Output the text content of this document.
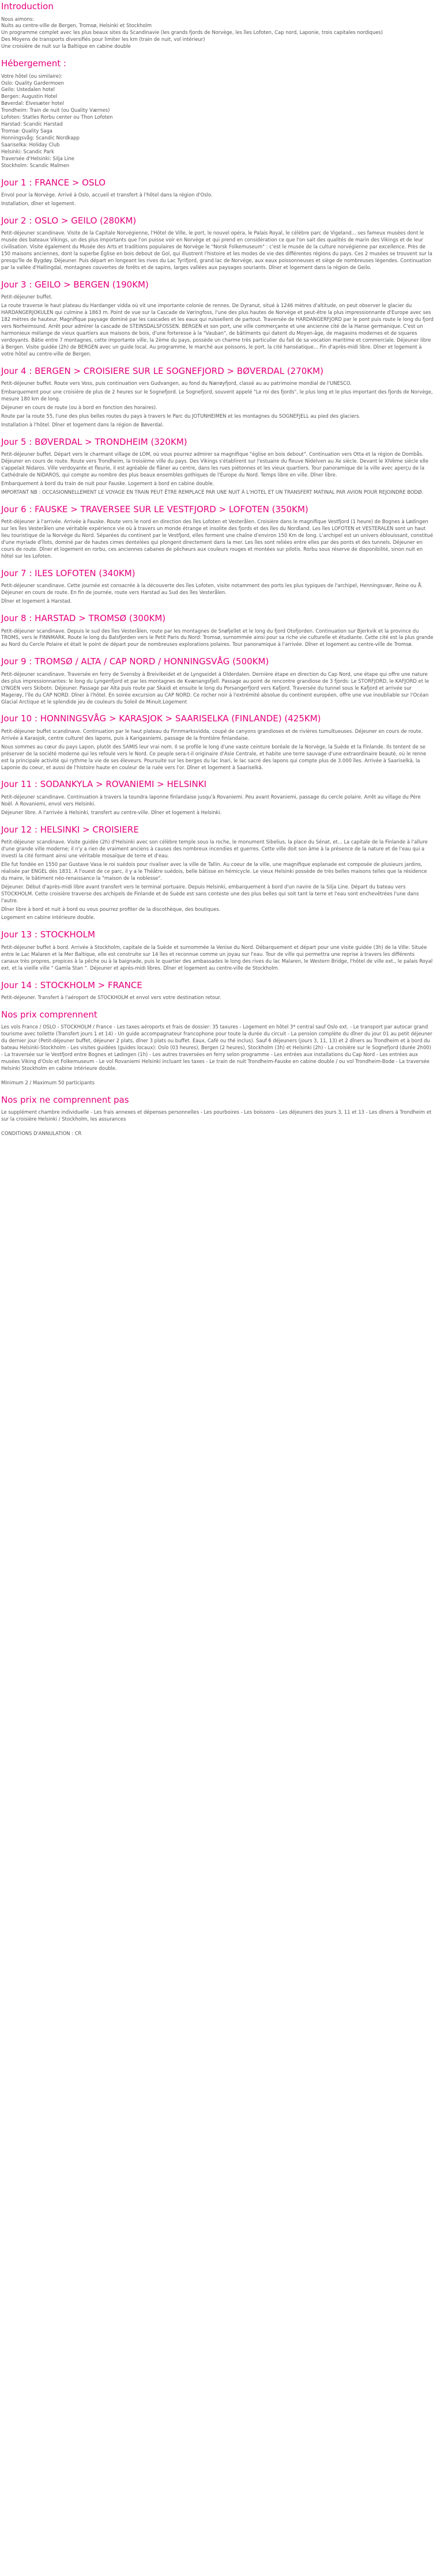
Introduction

Nous aimons:

Nuits au centre-ville de Bergen, Tromsø, Helsinki et Stockholm

Un programme complet avec les plus beaux sites du Scandinavie (les grands fjords de Norvège, les îles Lofoten, Cap nord, Laponie, trois capitales nordiques)

Des Moyens de transports diversifiés pour limiter les km (train de nuit, vol intérieur)

Une croisière de nuit sur la Baltique en cabine double

Hébergement :

Votre hôtel (ou similaire):

Oslo: Quality Gardermoen

Geilo: Ustedalen hotel

Bergen: Augustin Hotel

Bøverdal: Elvesæter hotel

Trondheim: Train de nuit (ou Quality Værnes)

Lofoten: Statles Rorbu center ou Thon Lofoten

Harstad: Scandic Harstad

Tromsø: Quality Saga

Honningsvåg: Scandic Nordkapp

Saariselka: Holiday Club

Helsinki: Scandic Park

Traversée d'Helsinki: Silja Line

Stockholm: Scandic Malmen

Jour 1 : FRANCE > OSLO

Envol pour la Norvège. Arrivé à Oslo, accueil et transfert à l'hôtel dans la région d'Oslo.

Installation, dîner et logement.

Jour 2 : OSLO > GEILO (280KM)

Petit-déjeuner scandinave. Visite de la Capitale Norvégienne, l'Hôtel de Ville, le port, le nouvel opéra, le Palais Royal, le célèbre parc de Vigeland... ses fameux musées dont le musée des bateaux Vikings, un des plus importants que l'on puisse voir en Norvège et qui prend en considération ce que l'on sait des qualités de marin des Vikings et de leur civilisation. Visite également du Musée des Arts et traditions populaires de Norvège le "Norsk Folkemuseum" : c'est le musée de la culture norvégienne par excellence. Près de 150 maisons anciennes, dont la superbe Église en bois debout de Gol, qui illustrent l'histoire et les modes de vie des différentes régions du pays. Ces 2 musées se trouvent sur la presqu'île de Bygdøy. Déjeuner. Puis départ en longeant les rives du Lac Tyrifjord, grand lac de Norvège, aux eaux poissonneuses et siège de nombreuses légendes. Continuation par la vallée d'Hallingdal, montagnes couvertes de forêts et de sapins, larges vallées aux paysages souriants. Dîner et logement dans la région de Geilo.

Jour 3 : GEILO > BERGEN (190KM)

Petit-déjeuner buffet.

La route traverse le haut plateau du Hardanger vidda où vit une importante colonie de rennes. De Dyranut, situé à 1246 mètres d'altitude, on peut observer le glacier du HARDANGERJOKULEN qui culmine à 1863 m. Point de vue sur la Cascade de Vøringfoss, l'une des plus hautes de Norvège et peut-être la plus impressionnante d'Europe avec ses 182 mètres de hauteur. Magnifique paysage dominé par les cascades et les eaux qui ruissellent de partout. Traversée de HARDANGERFJORD par le pont puis route le long du fjord vers Norheimsund. Arrêt pour admirer la cascade de STEINSDALSFOSSEN. BERGEN et son port, une ville commerçante et une ancienne cité de la Hanse germanique. C'est un harmonieux mélange de vieux quartiers aux maisons de bois, d'une forteresse à la "Vauban", de bâtiments qui datent du Moyen-âge, de magasins modernes et de squares verdoyants. Bâtie entre 7 montagnes, cette importante ville, la 2ème du pays, possède un charme très particulier du fait de sa vocation maritime et commerciale. Déjeuner libre à Bergen. Visite guidée (2h) de BERGEN avec un guide local. Au programme, le marché aux poissons, le port, la cité hanséatique... Fin d'après-midi libre. Dîner et logement à votre hôtel au centre-ville de Bergen.

Jour 4 : BERGEN > CROISIERE SUR LE SOGNEFJORD > BØVERDAL (270KM)

Petit-déjeuner buffet. Route vers Voss, puis continuation vers Gudvangen, au fond du Nærøyfjord, classé au au patrimoine mondial de l'UNESCO.

Embarquement pour une croisière de plus de 2 heures sur le Sognefjord. Le Sognefjord, souvent appelé "Le roi des fjords", le plus long et le plus important des fjords de Norvège, mesure 180 km de long.

Déjeuner en cours de route (ou à bord en fonction des horaires).

Route par la route 55, l'une des plus belles routes du pays à travers le Parc du JOTUNHEIMEN et les montagnes du SOGNEFJELL au pied des glaciers.

Installation à l'hôtel. Dîner et logement dans la région de Bøverdal.

Jour 5 : BØVERDAL > TRONDHEIM (320KM)

Petit-déjeuner buffet. Départ vers le charmant village de LOM, où vous pourrez admirer sa magnifique "église en bois debout". Continuation vers Otta et la région de Dombås. Déjeuner en cours de route. Route vers Trondheim, la troisième ville du pays. Des Vikings s'établirent sur l'estuaire du fleuve Nidelven au Xe siècle. Devant le XIVème siècle elle s'appelait Nidaros. Ville verdoyante et fleurie, il est agréable de flâner au centre, dans les rues piétonnes et les vieux quartiers. Tour panoramique de la ville avec aperçu de la Cathédrale de NIDAROS, qui compte au nombre des plus beaux ensembles gothiques de l'Europe du Nord. Temps libre en ville. Dîner libre.

Embarquement à bord du train de nuit pour Fauske. Logement à bord en cabine double.

IMPORTANT NB : OCCASIONNELLEMENT LE VOYAGE EN TRAIN PEUT ÊTRE REMPLACÉ PAR UNE NUIT À L'HOTEL ET UN TRANSFERT MATINAL PAR AVION POUR REJOINDRE BODØ.

Jour 6 : FAUSKE > TRAVERSEE SUR LE VESTFJORD > LOFOTEN (350KM)

Petit-déjeuner à l'arrivée. Arrivée à Fauske. Route vers le nord en direction des îles Lofoten et Vesterålen. Croisière dans le magnifique Vestfjord (1 heure) de Bognes à Lødingen sur les îles Vesterålen une véritable expérience vie où à travers un monde étrange et insolite des fjords et des îles du Nordland. Les îles LOFOTEN et VESTERALEN sont un haut lieu touristique de la Norvège du Nord. Séparées du continent par le Vestfjord, elles forment une chaîne d'environ 150 Km de long. L'archipel est un univers éblouissant, constitué d'une myriade d'îlots, dominé par de hautes cimes dentelées qui plongent directement dans la mer. Les îles sont reliées entre elles par des ponts et des tunnels. Déjeuner en cours de route. Dîner et logement en rorbu, ces anciennes cabanes de pêcheurs aux couleurs rouges et montées sur pilotis. Rorbu sous réserve de disponibilité, sinon nuit en hôtel sur les Lofoten.

Jour 7 : ILES LOFOTEN (340KM)

Petit-déjeuner scandinave. Cette journée est consacrée à la découverte des îles Lofoten, visite notamment des ports les plus typiques de l'archipel, Henningsvær, Reine ou Å. Déjeuner en cours de route. En fin de journée, route vers Harstad au Sud des îles Vesterålen.

Dîner et logement à Harstad.

Jour 8 : HARSTAD > TROMSØ (300KM)

Petit-déjeuner scandinave. Depuis le sud des îles Vesterålen, route par les montagnes de Snøfjellet et le long du fjord Otofjorden. Continuation sur Bjerkvik et la province du TROMS, vers le FINNMARK. Route le long du Balsfjorden vers le Petit Paris du Nord: Tromsø, surnommée ainsi pour sa riche vie culturelle et étudiante. Cette cité est la plus grande au Nord du Cercle Polaire et était le point de départ pour de nombreuses explorations polaires. Tour panoramique à l'arrivée. Dîner et logement au centre-ville de Tromsø.

Jour 9 : TROMSØ / ALTA / CAP NORD / HONNINGSVÅG (500KM)

Petit-déjeuner scandinave. Traversée en ferry de Svensby à Breivikeidet et de Lyngseidet à Olderdalen. Dernière étape en direction du Cap Nord, une étape qui offre une nature des plus impressionnantes: le long du Lyngenfjord et par les montagnes de Kvænangsfjell. Passage au point de rencontre grandiose de 3 fjords: Le STORFJORD, le KAFJORD et le LYNGEN vers Skibotn. Déjeuner. Passage par Alta puis route par Skaidi et ensuite le long du Porsangerfjord vers Kafjord. Traversée du tunnel sous le Kafjord et arrivée sur Magerøy, l'île du CAP NORD. Dîner à l'hôtel. En soirée excursion au CAP NORD. Ce rocher noir à l'extrémité absolue du continent européen, offre une vue inoubliable sur l'Océan Glacial Arctique et le splendide jeu de couleurs du Soleil de Minuit.Logement

Jour 10 : HONNINGSVÅG > KARASJOK > SAARISELKA (FINLANDE) (425KM)

Petit-déjeuner buffet scandinave. Continuation par le haut plateau du Finnmarksvidda, coupé de canyons grandioses et de rivières tumultueuses. Déjeuner en cours de route. Arrivée à Karasjok, centre culturel des lapons, puis à Karigasniemi, passage de la frontière finlandaise.

Nous sommes au cœur du pays Lapon, plutôt des SAMIS leur vrai nom. Il se profile le long d'une vaste ceinture boréale de la Norvège, la Suède et la Finlande. Ils tentent de se préserver de la société moderne qui les refoule vers le Nord. Ce peuple sera-t-il originaire d'Asie Centrale, et habite une terre sauvage d'une extraordinaire beauté, où le renne est la principale activité qui rythme la vie de ses éleveurs. Poursuite sur les berges du lac Inari, le lac sacré des lapons qui compte plus de 3.000 îles. Arrivée à Saariselkä, la Laponie du coeur, et aussi de l'histoire haute en couleur de la ruée vers l'or. Dîner et logement à Saariselkä.

Jour 11 : SODANKYLA > ROVANIEMI > HELSINKI

Petit-déjeuner scandinave. Continuation à travers la toundra laponne finlandaise jusqu'à Rovaniemi. Peu avant Rovaniemi, passage du cercle polaire. Arrêt au village du Père Noël. A Rovaniemi, envol vers Helsinki.

Déjeuner libre. A l'arrivée à Helsinki, transfert au centre-ville. Dîner et logement à Helsinki.

Jour 12 : HELSINKI > CROISIERE

Petit-déjeuner scandinave. Visite guidée (2h) d'Helsinki avec son célèbre temple sous la roche, le monument Sibelius, la place du Sénat, et... La capitale de la Finlande à l'allure d'une grande ville moderne; il n'y a rien de vraiment anciens à causes des nombreux incendies et guerres. Cette ville doit son âme à la présence de la nature et de l'eau qui a investi la cité formant ainsi une véritable mosaïque de terre et d'eau.

Elle fut fondée en 1550 par Gustave Vasa le roi suédois pour rivaliser avec la ville de Tallin. Au coeur de la ville, une magnifique esplanade est composée de plusieurs jardins, réalisée par ENGEL dès 1831. A l'ouest de ce parc, il y a le Théâtre suédois, belle bâtisse en hémicycle. Le vieux Helsinki possède de très belles maisons telles que la résidence du maire, le bâtiment néo-renaissance la "maison de la noblesse".

Déjeuner. Début d'après-midi libre avant transfert vers le terminal portuaire. Depuis Helsinki, embarquement à bord d'un navire de la Silja Line. Départ du bateau vers STOCKHOLM. Cette croisière traverse des archipels de Finlande et de Suède est sans conteste une des plus belles qui soit tant la terre et l'eau sont enchevêtrées l'une dans l'autre.

Dîner libre à bord et nuit à bord ou vous pourrez profiter de la discothèque, des boutiques.

Logement en cabine intérieure double.

Jour 13 : STOCKHOLM

Petit-déjeuner buffet à bord. Arrivée à Stockholm, capitale de la Suède et surnommée la Venise du Nord. Débarquement et départ pour une visite guidée (3h) de la Ville: Située entre le Lac Malaren et la Mer Baltique, elle est construite sur 14 îles et reconnue comme un joyau sur l'eau. Tour de ville qui permettra une reprise à travers les différents canaux très propres, propices à la pêche ou à la baignade, puis le quartier des ambassades le long des rives du lac Malaren, le Western Bridge, l'hôtel de ville ext., le palais Royal ext. et la vieille ville " Gamla Stan ". Déjeuner et après-midi libres. Dîner et logement au centre-ville de Stockholm.

Jour 14 : STOCKHOLM > FRANCE

Petit-déjeuner. Transfert à l'aéroport de STOCKHOLM et envol vers votre destination retour.

Nos prix comprennent

Les vols France / OSLO - STOCKHOLM / France - Les taxes aéroports et frais de dossier: 35 taxures - Logement en hôtel 3* central sauf Oslo ext. - Le transport par autocar grand tourisme avec toilette (Transfert jours 1 et 14) - Un guide accompagnateur francophone pour toute la durée du circuit - La pension complète du dîner du jour 01 au petit déjeuner du dernier jour (Petit-déjeuner buffet, déjeuner 2 plats, dîner 3 plats ou buffet. Eaux, Café ou thé inclus). Sauf 6 déjeuners (jours 3, 11, 13) et 2 dîners au Trondheim et à bord du bateau Helsinki-Stockholm - Les visites guidées (guides locaux): Oslo (03 heures), Bergen (2 heures), Stockholm (3h) et Helsinki (2h) - La croisière sur le Sognefjord (durée 2h00) - La traversée sur le Vestfjord entre Bognes et Lødingen (1h) - Les autres traversées en ferry selon programme - Les entrées aux installations du Cap Nord - Les entrées aux musées Viking d'Oslo et Folkemuseum - Le vol Rovaniemi Helsinki incluant les taxes - Le train de nuit Trondheim-Fauske en cabine double / ou vol Trondheim-Bodø - La traversée Helsinki Stockholm en cabine intérieure double.

Minimum 2 / Maximum 50 participants

Nos prix ne comprennent pas

Le supplément chambre individuelle - Les frais annexes et dépenses personnelles - Les pourboires - Les boissons - Les déjeuners des jours 3, 11 et 13 - Les dîners à Trondheim et sur la croisière Helsinki / Stockholm, les assurances

CONDITIONS D'ANNULATION : CR
